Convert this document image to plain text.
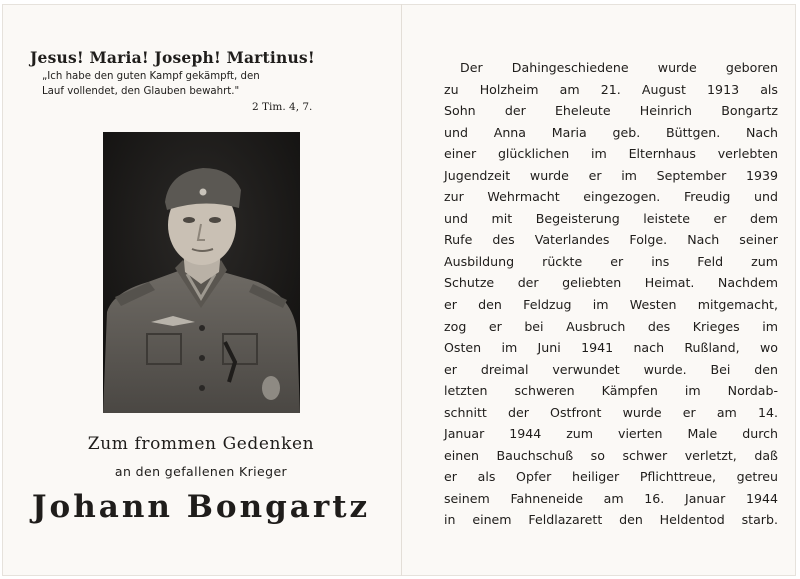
Jesus! Maria! Joseph! Martinus!
„Ich habe den guten Kampf gekämpft, den
Lauf vollendet, den Glauben bewahrt."
2 Tim. 4, 7.
Zum frommen Gedenken
an den gefallenen Krieger
Johann Bongartz
Der Dahingeschiedene wurde geboren
zu Holzheim am 21. August 1913 als
Sohn der Eheleute Heinrich Bongartz
und Anna Maria geb. Büttgen. Nach
einer glücklichen im Elternhaus verlebten
Jugendzeit wurde er im September 1939
zur Wehrmacht eingezogen. Freudig und
und mit Begeisterung leistete er dem
Rufe des Vaterlandes Folge. Nach seiner
Ausbildung rückte er ins Feld zum
Schutze der geliebten Heimat. Nachdem
er den Feldzug im Westen mitgemacht,
zog er bei Ausbruch des Krieges im
Osten im Juni 1941 nach Rußland, wo
er dreimal verwundet wurde. Bei den
letzten schweren Kämpfen im Nordab-
schnitt der Ostfront wurde er am 14.
Januar 1944 zum vierten Male durch
einen Bauchschuß so schwer verletzt, daß
er als Opfer heiliger Pflichttreue, getreu
seinem Fahneneide am 16. Januar 1944
in einem Feldlazarett den Heldentod starb.
